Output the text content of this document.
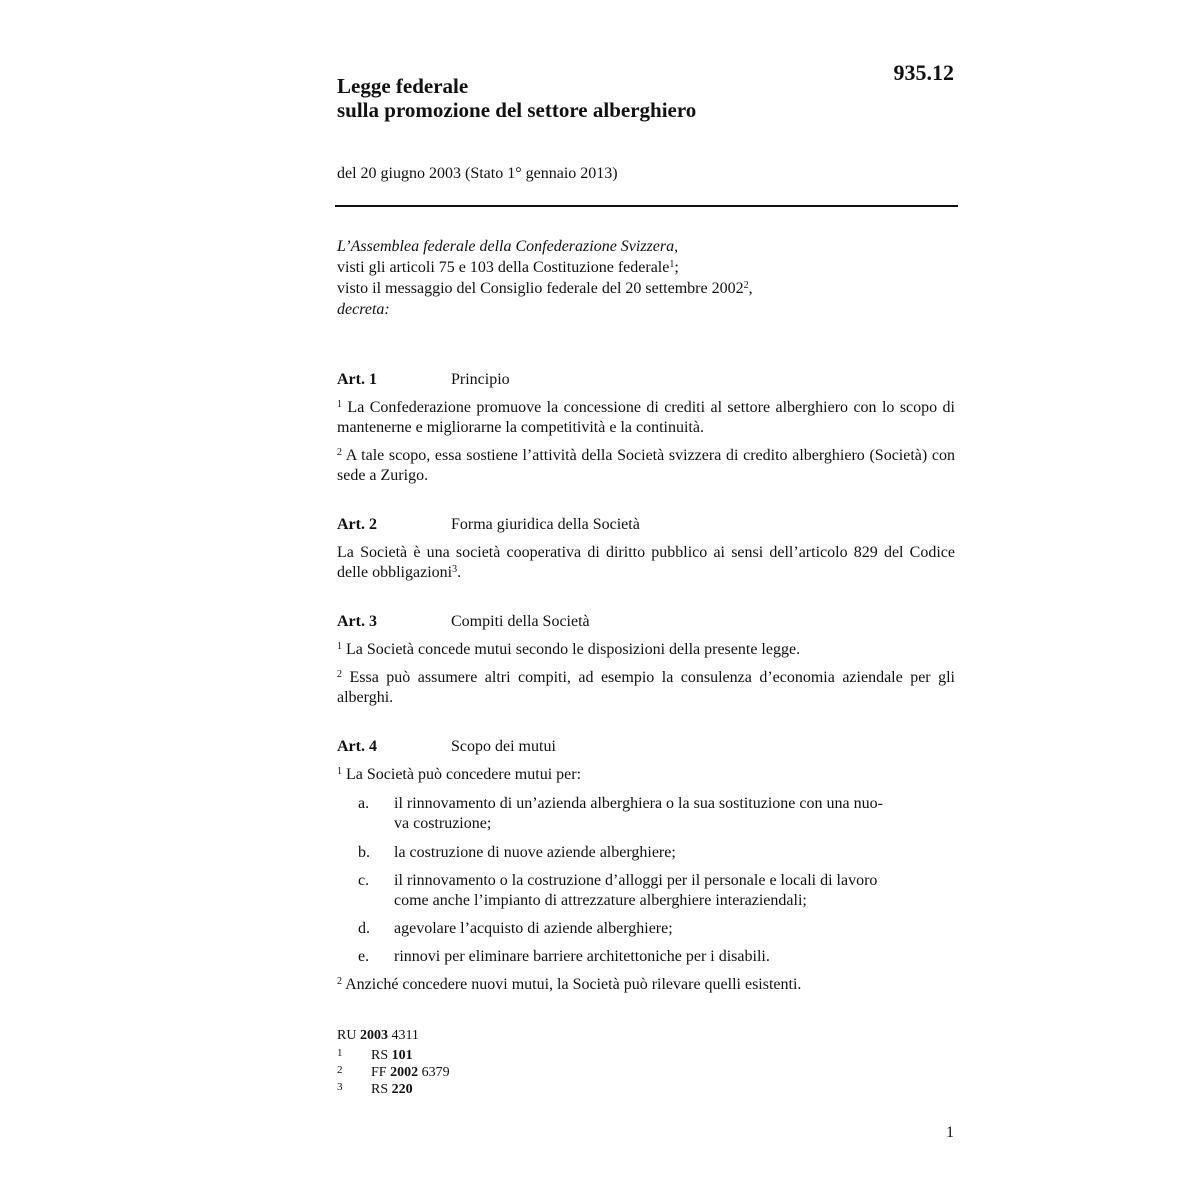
935.12
Legge federale
sulla promozione del settore alberghiero
del 20 giugno 2003 (Stato 1° gennaio 2013)
L’Assemblea federale della Confederazione Svizzera,
visti gli articoli 75 e 103 della Costituzione federale$^1$;
visto il messaggio del Consiglio federale del 20 settembre 2002$^2$,
decreta:
Art. 1	Principio
$^1$ La Confederazione promuove la concessione di crediti al settore alberghiero con lo scopo di mantenerne e migliorarne la competitività e la continuità.
$^2$ A tale scopo, essa sostiene l’attività della Società svizzera di credito alberghiero (Società) con sede a Zurigo.
Art. 2	Forma giuridica della Società
La Società è una società cooperativa di diritto pubblico ai sensi dell’articolo 829 del Codice delle obbligazioni$^3$.
Art. 3	Compiti della Società
$^1$ La Società concede mutui secondo le disposizioni della presente legge.
$^2$ Essa può assumere altri compiti, ad esempio la consulenza d’economia aziendale per gli alberghi.
Art. 4	Scopo dei mutui
$^1$ La Società può concedere mutui per:
a.	il rinnovamento di un’azienda alberghiera o la sua sostituzione con una nuo-
va costruzione;
b.	la costruzione di nuove aziende alberghiere;
c.	il rinnovamento o la costruzione d’alloggi per il personale e locali di lavoro
come anche l’impianto di attrezzature alberghiere interaziendali;
d.	agevolare l’acquisto di aziende alberghiere;
e.	rinnovi per eliminare barriere architettoniche per i disabili.
$^2$ Anziché concedere nuovi mutui, la Società può rilevare quelli esistenti.
RU 2003 4311
1 RS 101
2 FF 2002 6379
3 RS 220
1
